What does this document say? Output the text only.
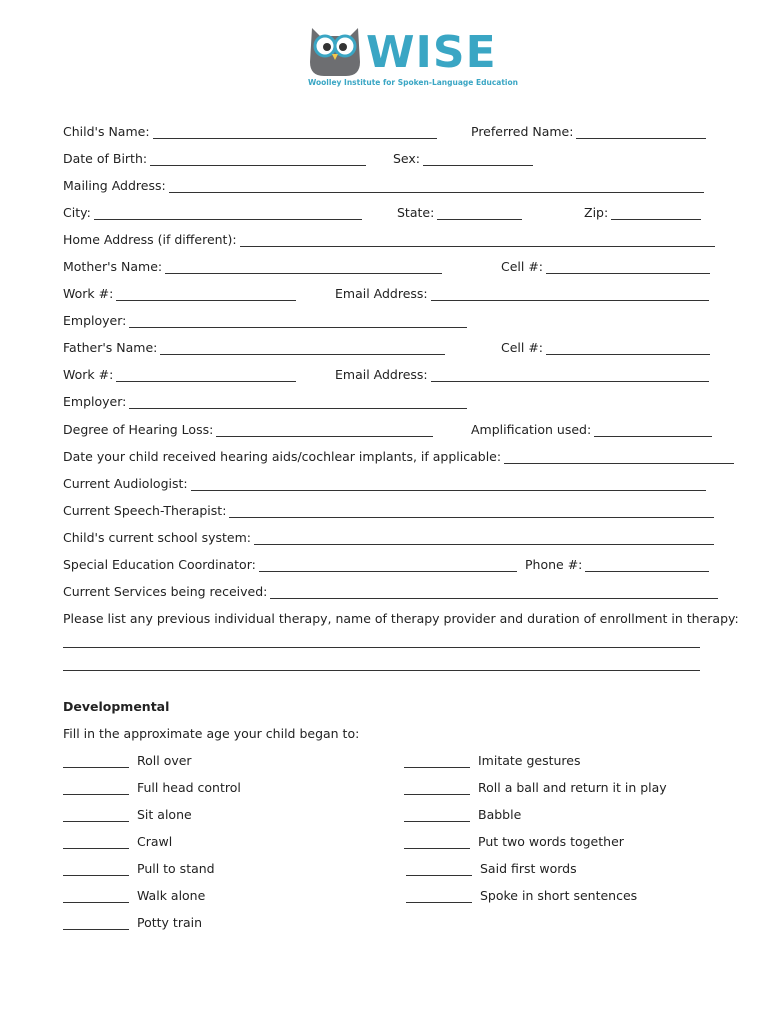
WISE
Woolley Institute for Spoken-Language Education
Child's Name:	Preferred Name:
Date of Birth:	Sex:
Mailing Address:
City:	State:	Zip:
Home Address (if different):
Mother's Name:	Cell #:
Work #:	Email Address:
Employer:
Father's Name:	Cell #:
Work #:	Email Address:
Employer:
Degree of Hearing Loss:	Amplification used:
Date your child received hearing aids/cochlear implants, if applicable:
Current Audiologist:
Current Speech-Therapist:
Child's current school system:
Special Education Coordinator:	Phone #:
Current Services being received:
Please list any previous individual therapy, name of therapy provider and duration of enrollment in therapy:
Developmental
Fill in the approximate age your child began to:
Roll over
Full head control
Sit alone
Crawl
Pull to stand
Walk alone
Potty train
Imitate gestures
Roll a ball and return it in play
Babble
Put two words together
Said first words
Spoke in short sentences
